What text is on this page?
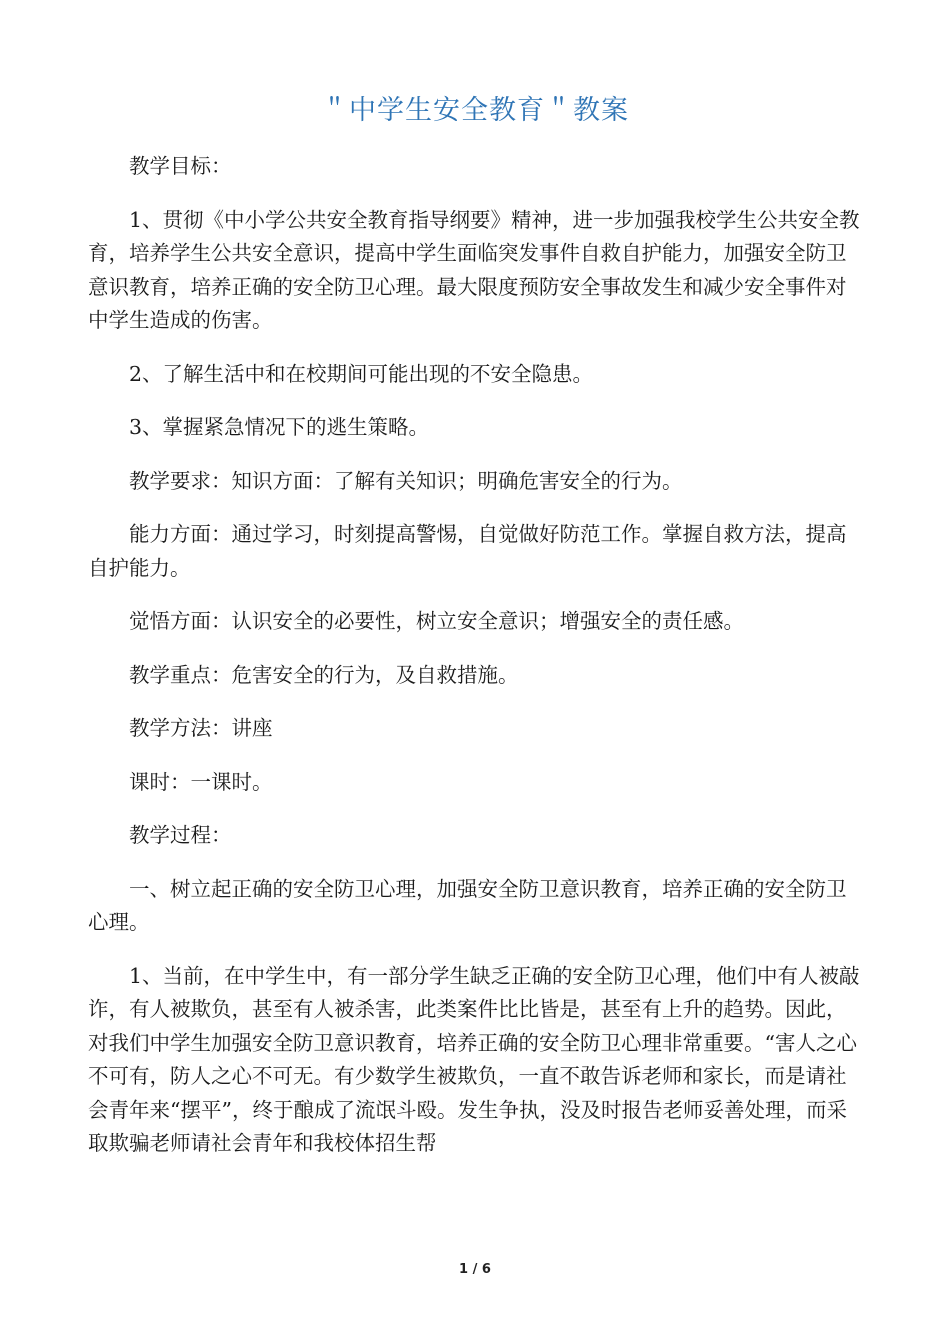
＂中学生安全教育＂教案

教学目标：

1、贯彻《中小学公共安全教育指导纲要》精神，进一步加强我校学生公共安全教育，培养学生公共安全意识，提高中学生面临突发事件自救自护能力，加强安全防卫意识教育，培养正确的安全防卫心理。最大限度预防安全事故发生和减少安全事件对中学生造成的伤害。

2、了解生活中和在校期间可能出现的不安全隐患。

3、掌握紧急情况下的逃生策略。

教学要求：知识方面：了解有关知识；明确危害安全的行为。

能力方面：通过学习，时刻提高警惕，自觉做好防范工作。掌握自救方法，提高自护能力。

觉悟方面：认识安全的必要性，树立安全意识；增强安全的责任感。

教学重点：危害安全的行为，及自救措施。

教学方法：讲座

课时：一课时。

教学过程：

一、树立起正确的安全防卫心理，加强安全防卫意识教育，培养正确的安全防卫心理。

1、当前，在中学生中，有一部分学生缺乏正确的安全防卫心理，他们中有人被敲诈，有人被欺负，甚至有人被杀害，此类案件比比皆是，甚至有上升的趋势。因此，对我们中学生加强安全防卫意识教育，培养正确的安全防卫心理非常重要。“害人之心不可有，防人之心不可无。有少数学生被欺负，一直不敢告诉老师和家长，而是请社会青年来“摆平”，终于酿成了流氓斗殴。发生争执，没及时报告老师妥善处理，而采取欺骗老师请社会青年和我校体招生帮

1 / 6
